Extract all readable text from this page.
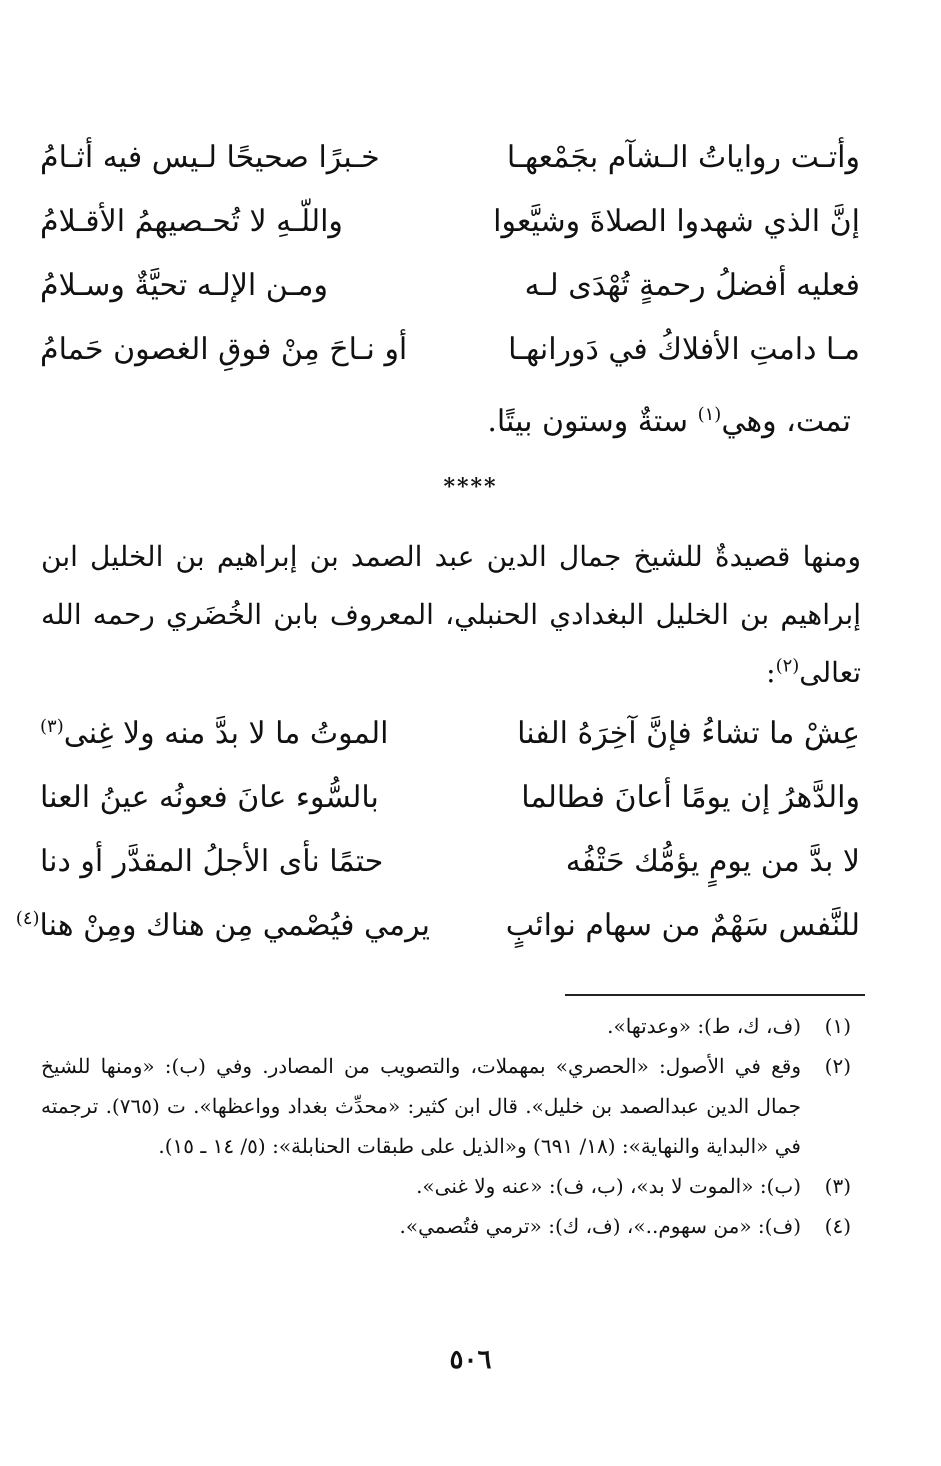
وأتـت رواياتُ الـشآم بجَمْعهـا
خـبرًا صحيحًا لـيس فيه أثـامُ
إنَّ الذي شهدوا الصلاةَ وشيَّعوا
واللّـهِ لا تُحـصيهمُ الأقـلامُ
فعليه أفضلُ رحمةٍ تُهْدَى لـه
ومـن الإلـه تحيَّةٌ وسـلامُ
مـا دامتِ الأفلاكُ في دَورانهـا
أو نـاحَ مِنْ فوقِ الغصون حَمامُ
تمت، وهي$^{(١)}$ ستةٌ وستون بيتًا.
****
ومنها قصيدةٌ للشيخ جمال الدين عبد الصمد بن إبراهيم بن الخليل ابن إبراهيم بن الخليل البغدادي الحنبلي، المعروف بابن الخُضَري رحمه الله تعالى$^{(٢)}$:
عِشْ ما تشاءُ فإنَّ آخِرَهُ الفنا
الموتُ ما لا بدَّ منه ولا غِنى$^{(٣)}$
والدَّهرُ إن يومًا أعانَ فطالما
بالسُّوء عانَ فعونُه عينُ العنا
لا بدَّ من يومٍ يؤمُّك حَتْفُه
حتمًا نأى الأجلُ المقدَّر أو دنا
للنَّفس سَهْمٌ من سهام نوائبٍ
يرمي فيُصْمي مِن هناك ومِنْ هنا$^{(٤)}$
(١)
(ف، ك، ط): «وعدتها».
(٢)
وقع في الأصول: «الحصري» بمهملات، والتصويب من المصادر. وفي (ب): «ومنها للشيخ جمال الدين عبدالصمد بن خليل». قال ابن كثير: «محدِّث بغداد وواعظها». ت (٧٦٥). ترجمته في «البداية والنهاية»: (١٨/ ٦٩١) و«الذيل على طبقات الحنابلة»: (٥/ ١٤ ـ ١٥).
(٣)
(ب): «الموت لا بد»، (ب، ف): «عنه ولا غنى».
(٤)
(ف): «من سهوم..»، (ف، ك): «ترمي فتُصمي».
٥٠٦
